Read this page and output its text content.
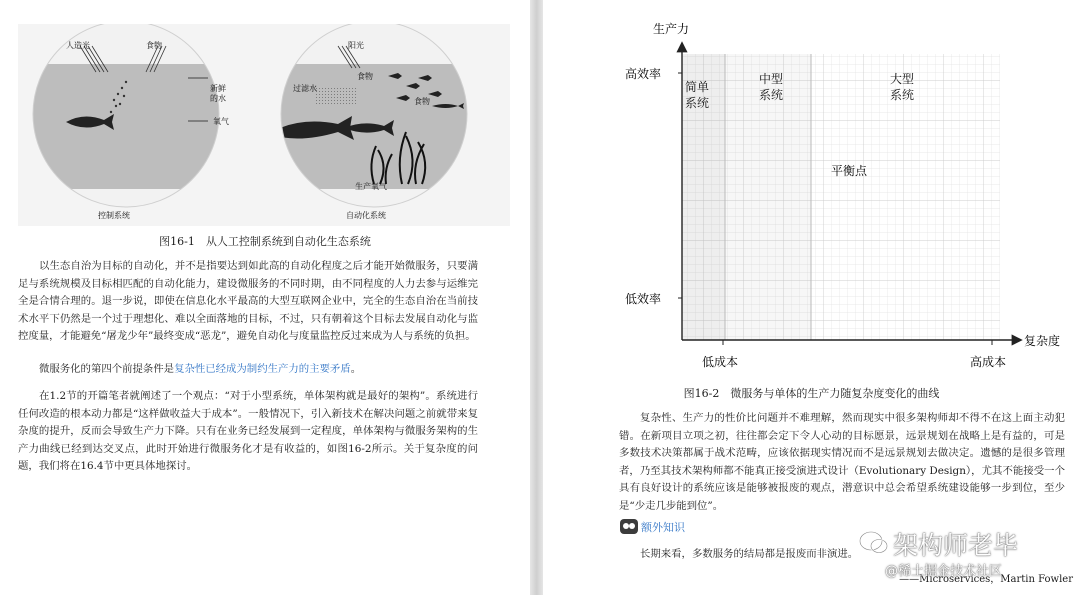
人造光	食物
新鲜的水
氧气
阳光
过滤水
食物
食物
生产氧气
控制系统	自动化系统
图16-1　从人工控制系统到自动化生态系统

以生态自治为目标的自动化，并不是指要达到如此高的自动化程度之后才能开始微服务，只要满足与系统规模及目标相匹配的自动化能力，建设微服务的不同时期，由不同程度的人力去参与运维完全是合情合理的。退一步说，即使在信息化水平最高的大型互联网企业中，完全的生态自治在当前技术水平下仍然是一个过于理想化、难以全面落地的目标，不过，只有朝着这个目标去发展自动化与监控度量，才能避免“屠龙少年”最终变成“恶龙”，避免自动化与度量监控反过来成为人与系统的负担。

微服务化的第四个前提条件是复杂性已经成为制约生产力的主要矛盾。

在1.2节的开篇笔者就阐述了一个观点：“对于小型系统，单体架构就是最好的架构”。系统进行任何改造的根本动力都是“这样做收益大于成本”。一般情况下，引入新技术在解决问题之前就带来复杂度的提升，反而会导致生产力下降。只有在业务已经发展到一定程度，单体架构与微服务架构的生产力曲线已经到达交叉点，此时开始进行微服务化才是有收益的，如图16-2所示。关于复杂度的问题，我们将在16.4节中更具体地探讨。

生产力
复杂度
高效率
低效率
低成本	高成本
平衡点
简单系统
中型系统
大型系统
图16-2　微服务与单体的生产力随复杂度变化的曲线

复杂性、生产力的性价比问题并不难理解，然而现实中很多架构师却不得不在这上面主动犯错。在新项目立项之初，往往都会定下令人心动的目标愿景，远景规划在战略上是有益的，可是多数技术决策都属于战术范畴，应该依据现实情况而不是远景规划去做决定。遗憾的是很多管理者，乃至其技术架构师都不能真正接受演进式设计（Evolutionary Design），尤其不能接受一个具有良好设计的系统应该是能够被报废的观点，潜意识中总会希望系统建设能够一步到位，至少是“少走几步能到位”。

额外知识

长期来看，多数服务的结局都是报废而非演进。

——Microservices，Martin Fowler

架构师老毕
@稀土掘金技术社区
